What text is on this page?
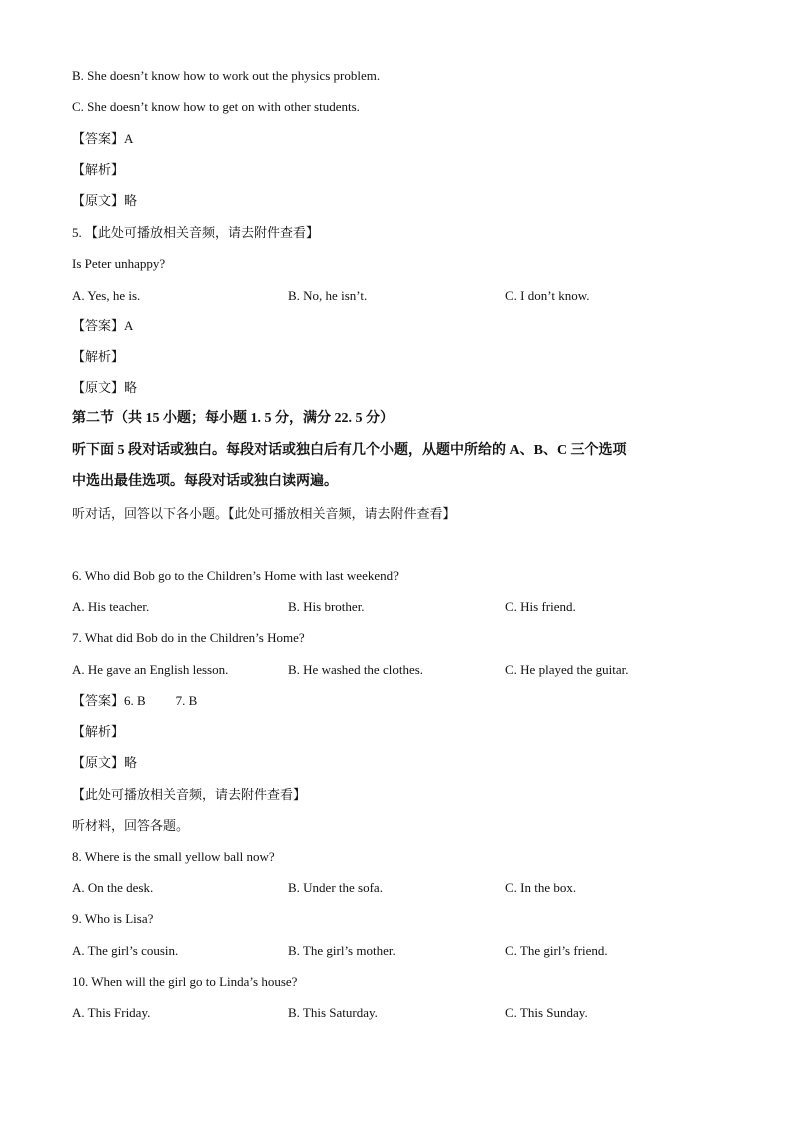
B. She doesn’t know how to work out the physics problem.
C. She doesn’t know how to get on with other students.
【答案】A
【解析】
【原文】略
5. 【此处可播放相关音频，请去附件查看】
Is Peter unhappy?
A. Yes, he is.	B. No, he isn’t.	C. I don’t know.
【答案】A
【解析】
【原文】略
第二节（共 15 小题；每小题 1. 5 分，满分 22. 5 分）
听下面 5 段对话或独白。每段对话或独白后有几个小题，从题中所给的 A、B、C 三个选项
中选出最佳选项。每段对话或独白读两遍。
听对话，回答以下各小题。【此处可播放相关音频，请去附件查看】
6. Who did Bob go to the Children’s Home with last weekend?
A. His teacher.	B. His brother.	C. His friend.
7. What did Bob do in the Children’s Home?
A. He gave an English lesson.	B. He washed the clothes.	C. He played the guitar.
【答案】6. B 7. B
【解析】
【原文】略
【此处可播放相关音频，请去附件查看】
听材料，回答各题。
8. Where is the small yellow ball now?
A. On the desk.	B. Under the sofa.	C. In the box.
9. Who is Lisa?
A. The girl’s cousin.	B. The girl’s mother.	C. The girl’s friend.
10. When will the girl go to Linda’s house?
A. This Friday.	B. This Saturday.	C. This Sunday.
